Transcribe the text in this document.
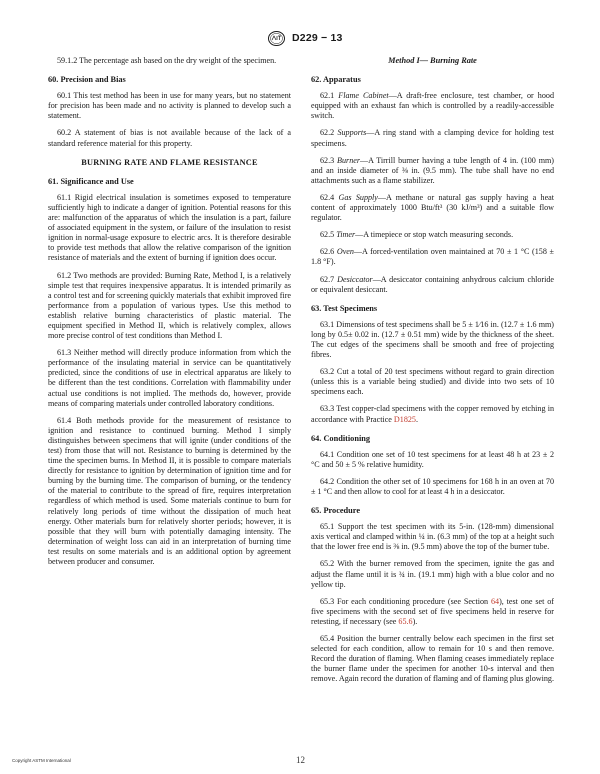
D229 − 13

59.1.2 The percentage ash based on the dry weight of the specimen.

60. Precision and Bias

60.1 This test method has been in use for many years, but no statement for precision has been made and no activity is planned to develop such a statement.

60.2 A statement of bias is not available because of the lack of a standard reference material for this property.

BURNING RATE AND FLAME RESISTANCE

61. Significance and Use

61.1 Rigid electrical insulation is sometimes exposed to temperature sufficiently high to indicate a danger of ignition. Potential reasons for this are: malfunction of the apparatus of which the insulation is a part, failure of associated equipment in the system, or failure of the insulation to resist ignition in normal-usage exposure to electric arcs. It is therefore desirable to provide test methods that allow the relative comparison of the ignition resistance of materials and the extent of burning if ignition does occur.

61.2 Two methods are provided: Burning Rate, Method I, is a relatively simple test that requires inexpensive apparatus. It is intended primarily as a control test and for screening quickly materials that exhibit improved fire performance from a population of various types. Use this method to establish relative burning characteristics of plastic material. The equipment specified in Method II, which is relatively complex, allows more precise control of test conditions than Method I.

61.3 Neither method will directly produce information from which the performance of the insulating material in service can be quantitatively predicted, since the conditions of use in electrical apparatus are likely to be different than the test conditions. Correlation with flammability under actual use conditions is not implied. The methods do, however, provide means of comparing materials under controlled laboratory conditions.

61.4 Both methods provide for the measurement of resistance to ignition and resistance to continued burning. Method I simply distinguishes between specimens that will ignite (under conditions of the test) from those that will not. Resistance to burning is determined by the time the specimen burns. In Method II, it is possible to compare materials directly for resistance to ignition by determination of ignition time and for burning by the burning time. The comparison of burning, or the tendency of the material to contribute to the spread of fire, requires interpretation regardless of which method is used. Some materials continue to burn for relatively long periods of time without the dissipation of much heat energy. Other materials burn for relatively shorter periods; however, it is possible that they will burn with potentially damaging intensity. The determination of weight loss can aid in an interpretation of burning time test results on some materials and is an additional option by agreement between producer and consumer.

Method I— Burning Rate

62. Apparatus

62.1 Flame Cabinet—A draft-free enclosure, test chamber, or hood equipped with an exhaust fan which is controlled by a readily-accessible switch.

62.2 Supports—A ring stand with a clamping device for holding test specimens.

62.3 Burner—A Tirrill burner having a tube length of 4 in. (100 mm) and an inside diameter of ⅜ in. (9.5 mm). The tube shall have no end attachments such as a flame stabilizer.

62.4 Gas Supply—A methane or natural gas supply having a heat content of approximately 1000 Btu/ft³ (30 kJ/m³) and a suitable flow regulator.

62.5 Timer—A timepiece or stop watch measuring seconds.

62.6 Oven—A forced-ventilation oven maintained at 70 ± 1 °C (158 ± 1.8 °F).

62.7 Desiccator—A desiccator containing anhydrous calcium chloride or equivalent desiccant.

63. Test Specimens

63.1 Dimensions of test specimens shall be 5 ± 1⁄16 in. (12.7 ± 1.6 mm) long by 0.5± 0.02 in. (12.7 ± 0.51 mm) wide by the thickness of the sheet. The cut edges of the specimens shall be smooth and free of projecting fibres.

63.2 Cut a total of 20 test specimens without regard to grain direction (unless this is a variable being studied) and divide into two sets of 10 specimens each.

63.3 Test copper-clad specimens with the copper removed by etching in accordance with Practice D1825.

64. Conditioning

64.1 Condition one set of 10 test specimens for at least 48 h at 23 ± 2 °C and 50 ± 5 % relative humidity.

64.2 Condition the other set of 10 specimens for 168 h in an oven at 70 ± 1 °C and then allow to cool for at least 4 h in a desiccator.

65. Procedure

65.1 Support the test specimen with its 5-in. (128-mm) dimensional axis vertical and clamped within ¼ in. (6.3 mm) of the top at a height such that the lower free end is ⅜ in. (9.5 mm) above the top of the burner tube.

65.2 With the burner removed from the specimen, ignite the gas and adjust the flame until it is ¾ in. (19.1 mm) high with a blue color and no yellow tip.

65.3 For each conditioning procedure (see Section 64), test one set of five specimens with the second set of five specimens held in reserve for retesting, if necessary (see 65.6).

65.4 Position the burner centrally below each specimen in the first set selected for each condition, allow to remain for 10 s and then remove. Record the duration of flaming. When flaming ceases immediately replace the burner flame under the specimen for another 10-s interval and then remove. Again record the duration of flaming and of flaming plus glowing.

Copyright ASTM International	12
